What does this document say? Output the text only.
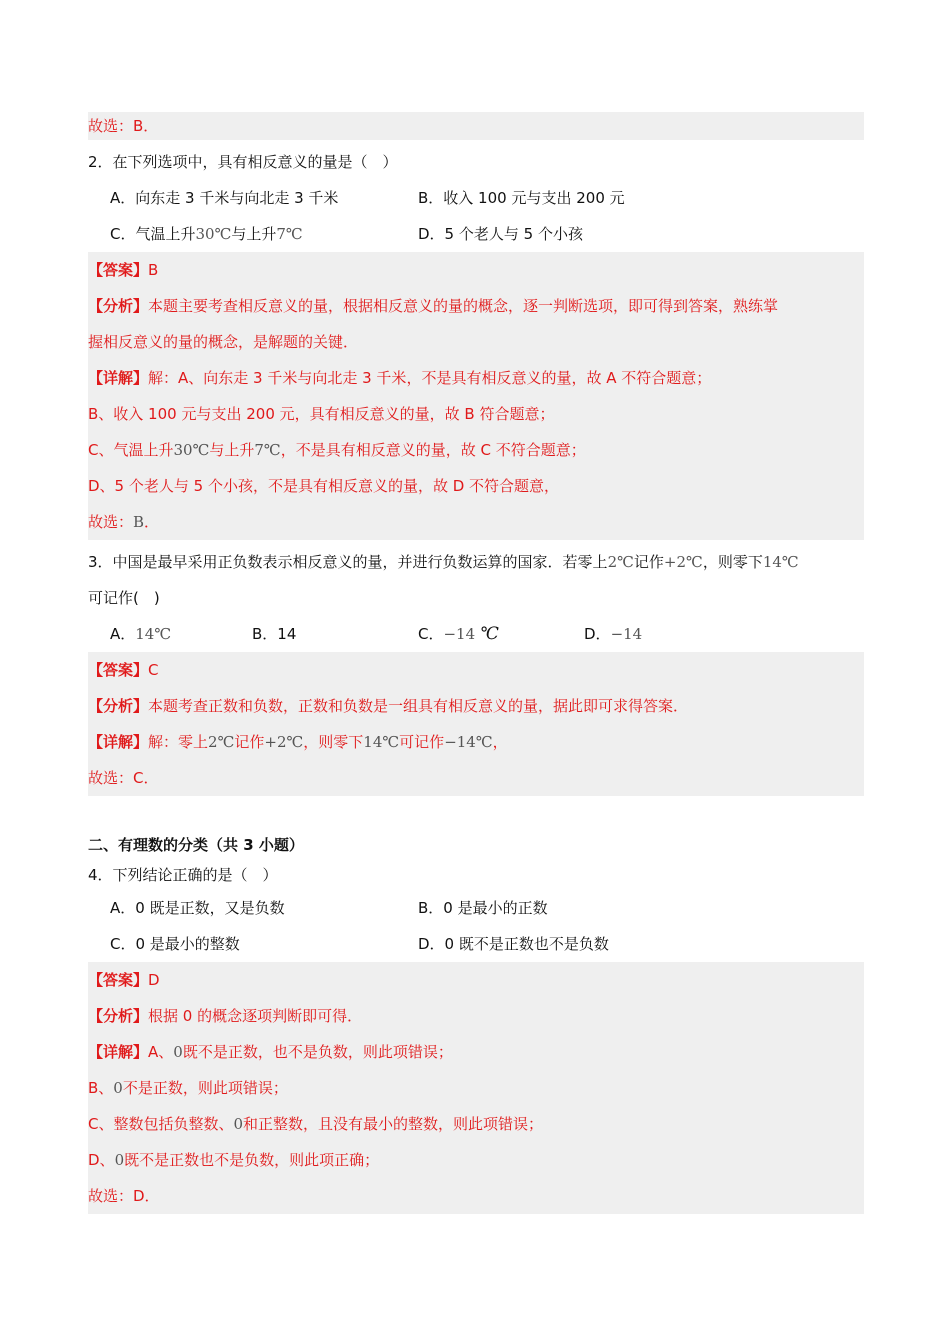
故选：B．
2．在下列选项中，具有相反意义的量是（　）
A．向东走 3 千米与向北走 3 千米	B．收入 100 元与支出 200 元
C．气温上升30℃与上升7℃	D．5 个老人与 5 个小孩
【答案】B
【分析】本题主要考查相反意义的量，根据相反意义的量的概念，逐一判断选项，即可得到答案，熟练掌
握相反意义的量的概念，是解题的关键．
【详解】解：A、向东走 3 千米与向北走 3 千米，不是具有相反意义的量，故 A 不符合题意；
B、收入 100 元与支出 200 元，具有相反意义的量，故 B 符合题意；
C、气温上升30℃与上升7℃，不是具有相反意义的量，故 C 不符合题意；
D、5 个老人与 5 个小孩，不是具有相反意义的量，故 D 不符合题意，
故选：B．
3．中国是最早采用正负数表示相反意义的量，并进行负数运算的国家．若零上2℃记作+2℃，则零下14℃
可记作(　)
A．14℃	B．14	C．−14 ℃	D．−14
【答案】C
【分析】本题考查正数和负数，正数和负数是一组具有相反意义的量，据此即可求得答案．
【详解】解：零上2℃记作+2℃，则零下14℃可记作−14℃，
故选：C．
二、有理数的分类（共 3 小题）
4．下列结论正确的是（　）
A．0 既是正数，又是负数	B．0 是最小的正数
C．0 是最小的整数	D．0 既不是正数也不是负数
【答案】D
【分析】根据 0 的概念逐项判断即可得．
【详解】A、0既不是正数，也不是负数，则此项错误；
B、0不是正数，则此项错误；
C、整数包括负整数、0和正整数，且没有最小的整数，则此项错误；
D、0既不是正数也不是负数，则此项正确；
故选：D．
